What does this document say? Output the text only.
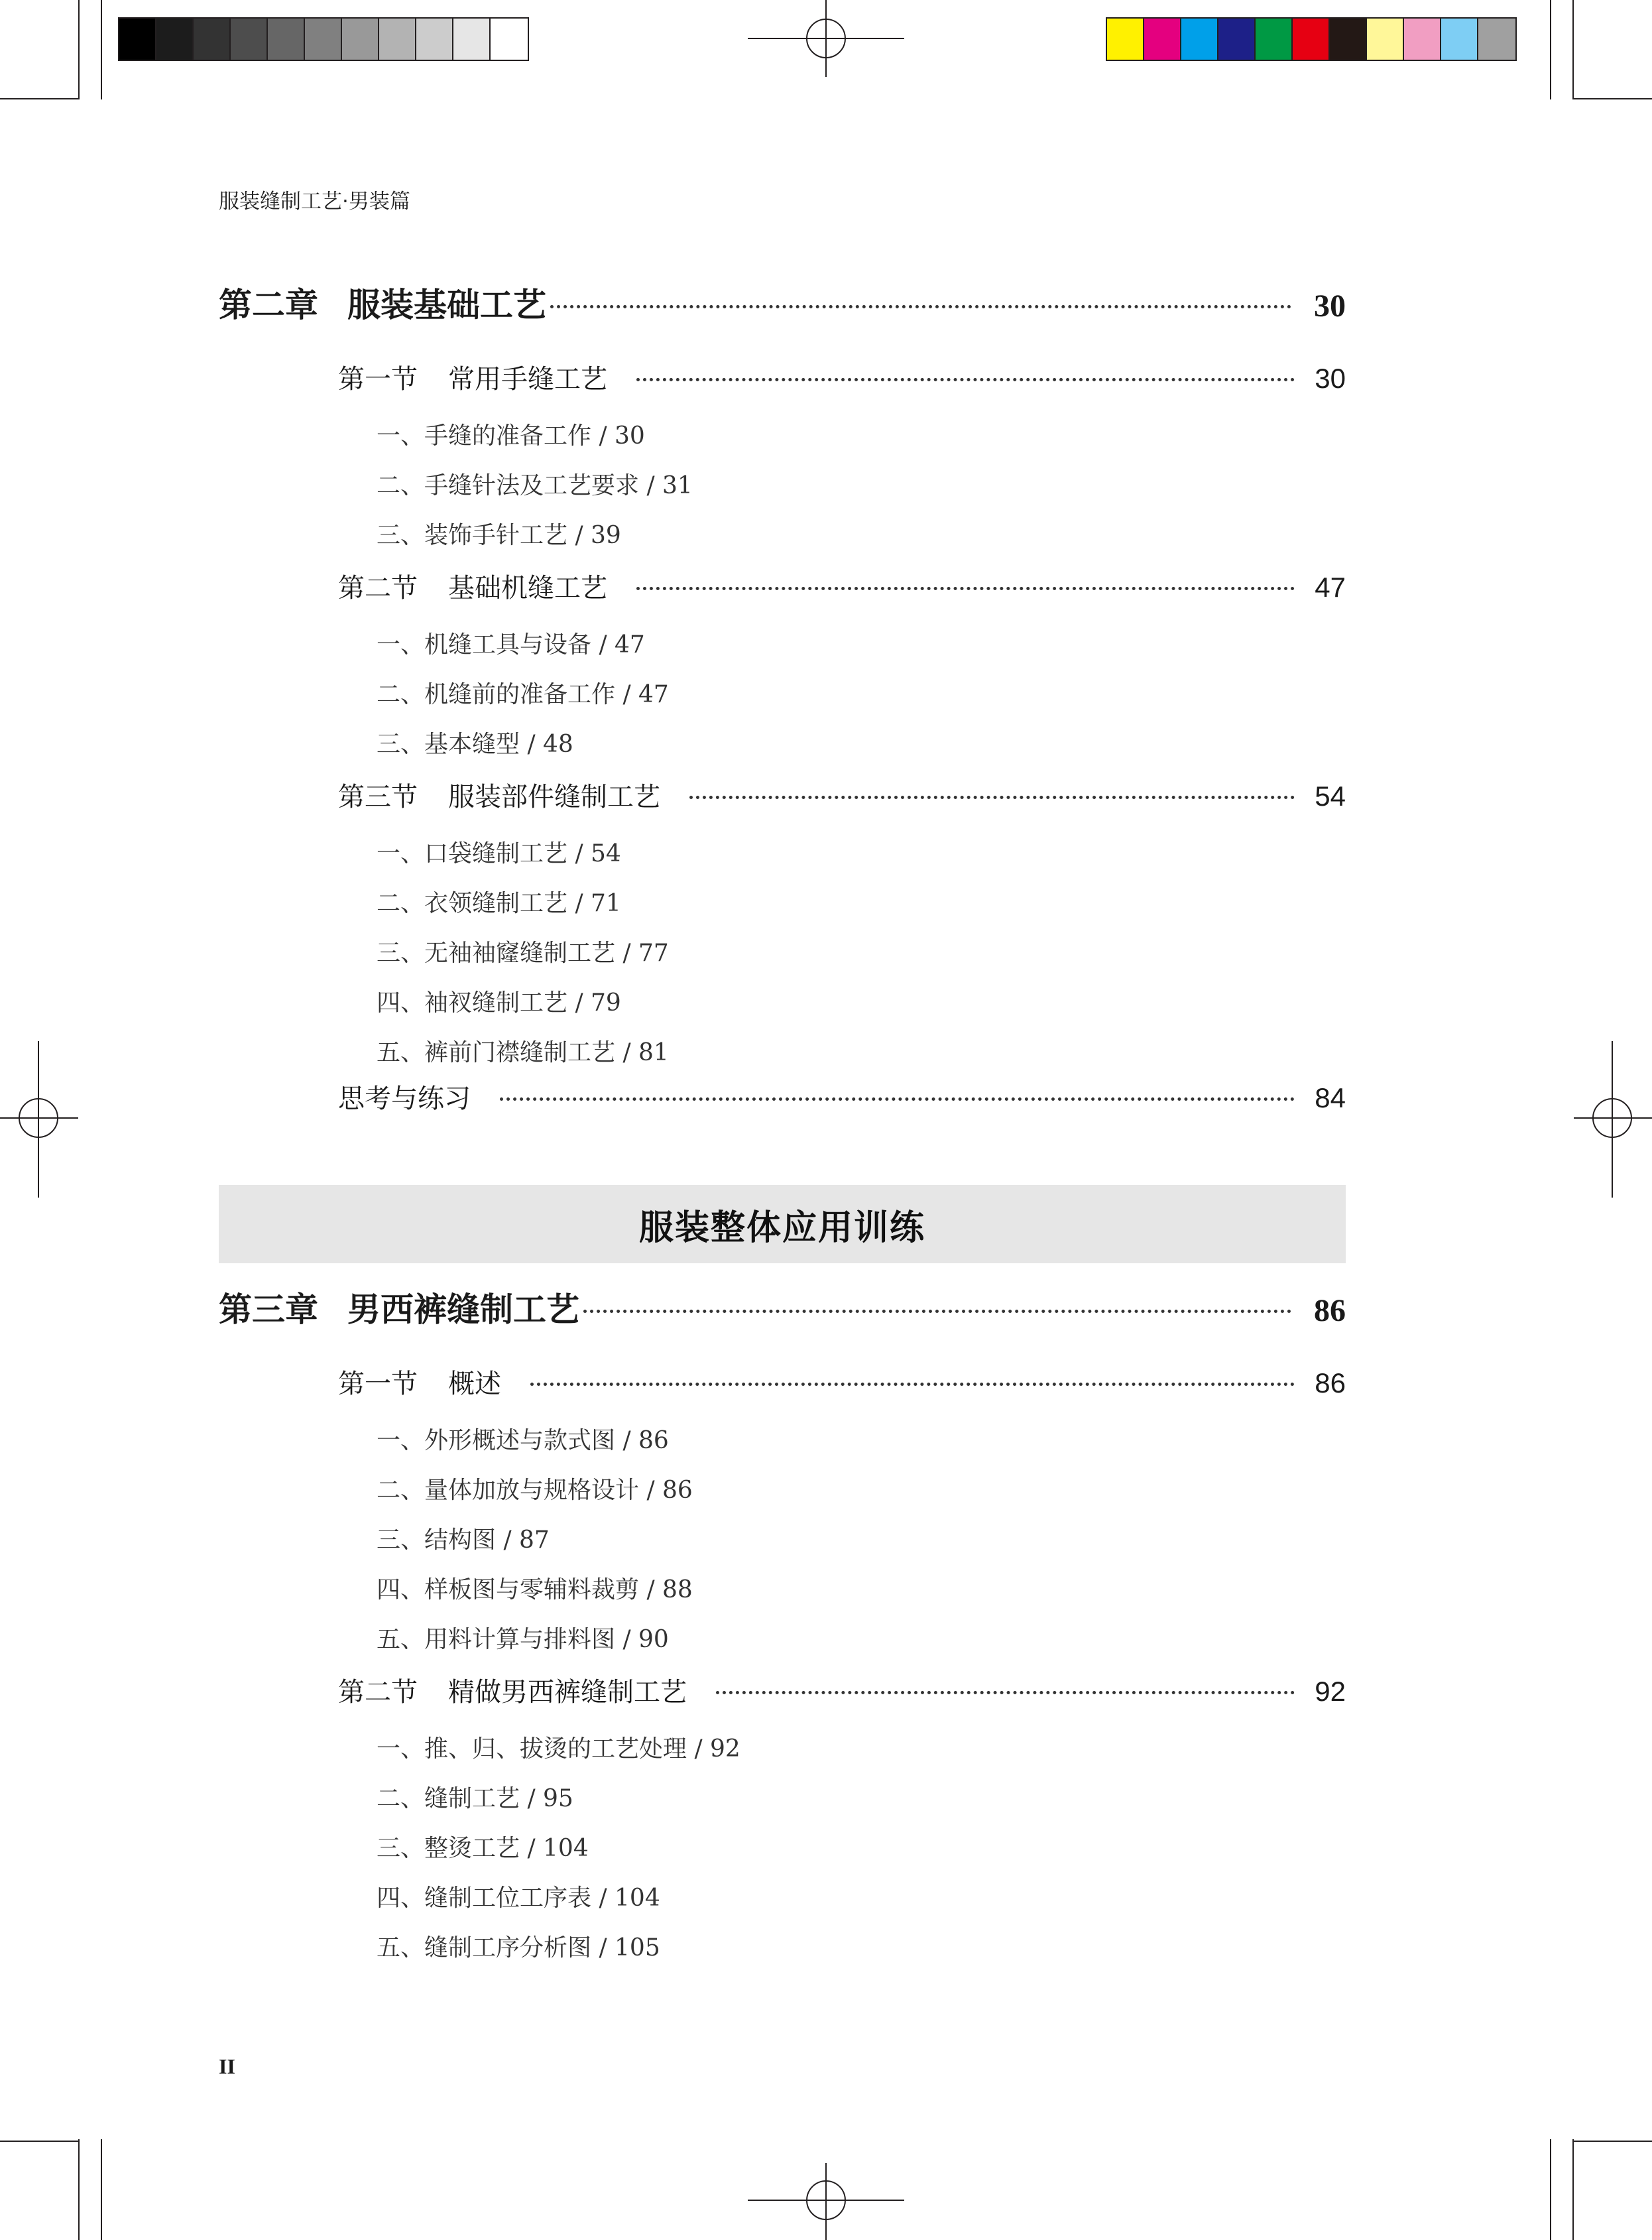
服装缝制工艺·男装篇
第二章 服装基础工艺	30
第一节 常用手缝工艺	30
一、手缝的准备工作 / 30
二、手缝针法及工艺要求 / 31
三、装饰手针工艺 / 39
第二节 基础机缝工艺	47
一、机缝工具与设备 / 47
二、机缝前的准备工作 / 47
三、基本缝型 / 48
第三节 服装部件缝制工艺	54
一、口袋缝制工艺 / 54
二、衣领缝制工艺 / 71
三、无袖袖窿缝制工艺 / 77
四、袖衩缝制工艺 / 79
五、裤前门襟缝制工艺 / 81
思考与练习	84
服装整体应用训练
第三章 男西裤缝制工艺	86
第一节 概述	86
一、外形概述与款式图 / 86
二、量体加放与规格设计 / 86
三、结构图 / 87
四、样板图与零辅料裁剪 / 88
五、用料计算与排料图 / 90
第二节 精做男西裤缝制工艺	92
一、推、归、拔烫的工艺处理 / 92
二、缝制工艺 / 95
三、整烫工艺 / 104
四、缝制工位工序表 / 104
五、缝制工序分析图 / 105
II
